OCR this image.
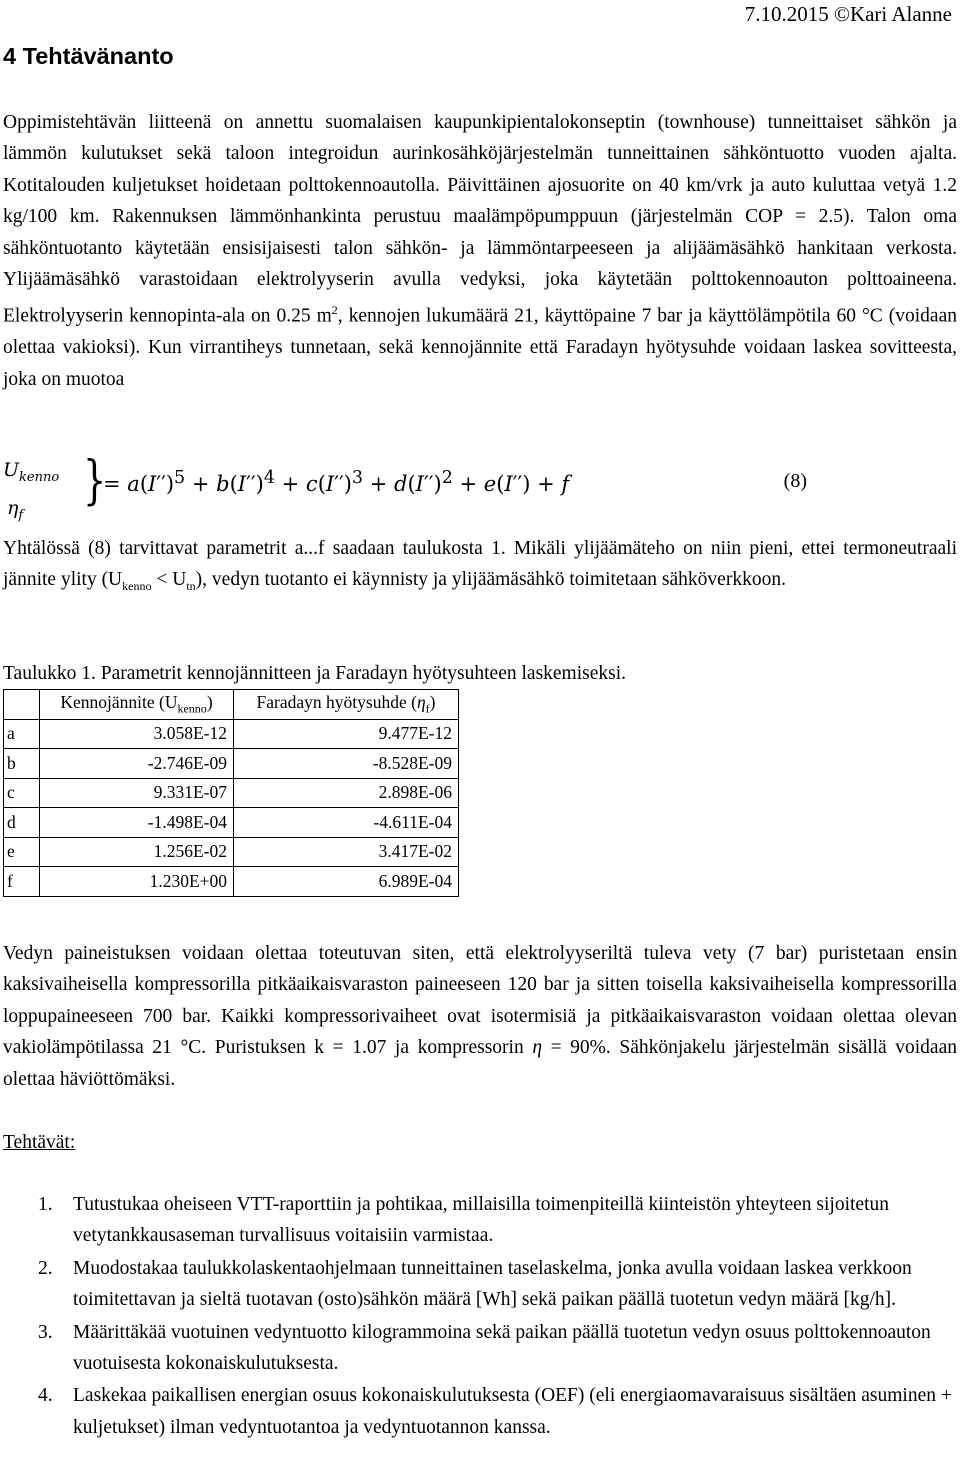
7.10.2015 ©Kari Alanne
4 Tehtävänanto

Oppimistehtävän liitteenä on annettu suomalaisen kaupunkipientalokonseptin (townhouse) tunneittaiset sähkön ja lämmön kulutukset sekä taloon integroidun aurinkosähköjärjestelmän tunneittainen sähköntuotto vuoden ajalta. Kotitalouden kuljetukset hoidetaan polttokennoautolla. Päivittäinen ajosuorite on 40 km/vrk ja auto kuluttaa vetyä 1.2 kg/100 km. Rakennuksen lämmönhankinta perustuu maalämpöpumppuun (järjestelmän COP = 2.5). Talon oma sähköntuotanto käytetään ensisijaisesti talon sähkön- ja lämmöntarpeeseen ja alijäämäsähkö hankitaan verkosta. Ylijäämäsähkö varastoidaan elektrolyyserin avulla vedyksi, joka käytetään polttokennoauton polttoaineena. Elektrolyyserin kennopinta-ala on 0.25 $m^2$, kennojen lukumäärä 21, käyttöpaine 7 bar ja käyttölämpötila 60 °C (voidaan olettaa vakioksi). Kun virrantiheys tunnetaan, sekä kennojännite että Faradayn hyötysuhde voidaan laskea sovitteesta, joka on muotoa

$U_{kenno}$
$\eta_f$
}
= $a(I'')^5 + b(I'')^4 + c(I'')^3 + d(I'')^2 + e(I'') + f$	(8)

Yhtälössä (8) tarvittavat parametrit a...f saadaan taulukosta 1. Mikäli ylijäämäteho on niin pieni, ettei termoneutraali jännite ylity $(U_{kenno} < U_{tn})$, vedyn tuotanto ei käynnisty ja ylijäämäsähkö toimitetaan sähköverkkoon.

Taulukko 1. Parametrit kennojännitteen ja Faradayn hyötysuhteen laskemiseksi.

	Kennojännite $(U_{kenno})$	Faradayn hyötysuhde $(\eta_f)$
a	3.058E-12	9.477E-12
b	-2.746E-09	-8.528E-09
c	9.331E-07	2.898E-06
d	-1.498E-04	-4.611E-04
e	1.256E-02	3.417E-02
f	1.230E+00	6.989E-04

Vedyn paineistuksen voidaan olettaa toteutuvan siten, että elektrolyyseriltä tuleva vety (7 bar) puristetaan ensin kaksivaiheisella kompressorilla pitkäaikaisvaraston paineeseen 120 bar ja sitten toisella kaksivaiheisella kompressorilla loppupaineeseen 700 bar. Kaikki kompressorivaiheet ovat isotermisiä ja pitkäaikaisvaraston voidaan olettaa olevan vakiolämpötilassa 21 °C. Puristuksen k = 1.07 ja kompressorin η = 90%. Sähkönjakelu järjestelmän sisällä voidaan olettaa häviöttömäksi.

Tehtävät:

1. Tutustukaa oheiseen VTT-raporttiin ja pohtikaa, millaisilla toimenpiteillä kiinteistön yhteyteen sijoitetun vetytankkausaseman turvallisuus voitaisiin varmistaa.
2. Muodostakaa taulukkolaskentaohjelmaan tunneittainen taselaskelma, jonka avulla voidaan laskea verkkoon toimitettavan ja sieltä tuotavan (osto)sähkön määrä [Wh] sekä paikan päällä tuotetun vedyn määrä [kg/h].
3. Määrittäkää vuotuinen vedyntuotto kilogrammoina sekä paikan päällä tuotetun vedyn osuus polttokennoauton vuotuisesta kokonaiskulutuksesta.
4. Laskekaa paikallisen energian osuus kokonaiskulutuksesta (OEF) (eli energiaomavaraisuus sisältäen asuminen + kuljetukset) ilman vedyntuotantoa ja vedyntuotannon kanssa.
